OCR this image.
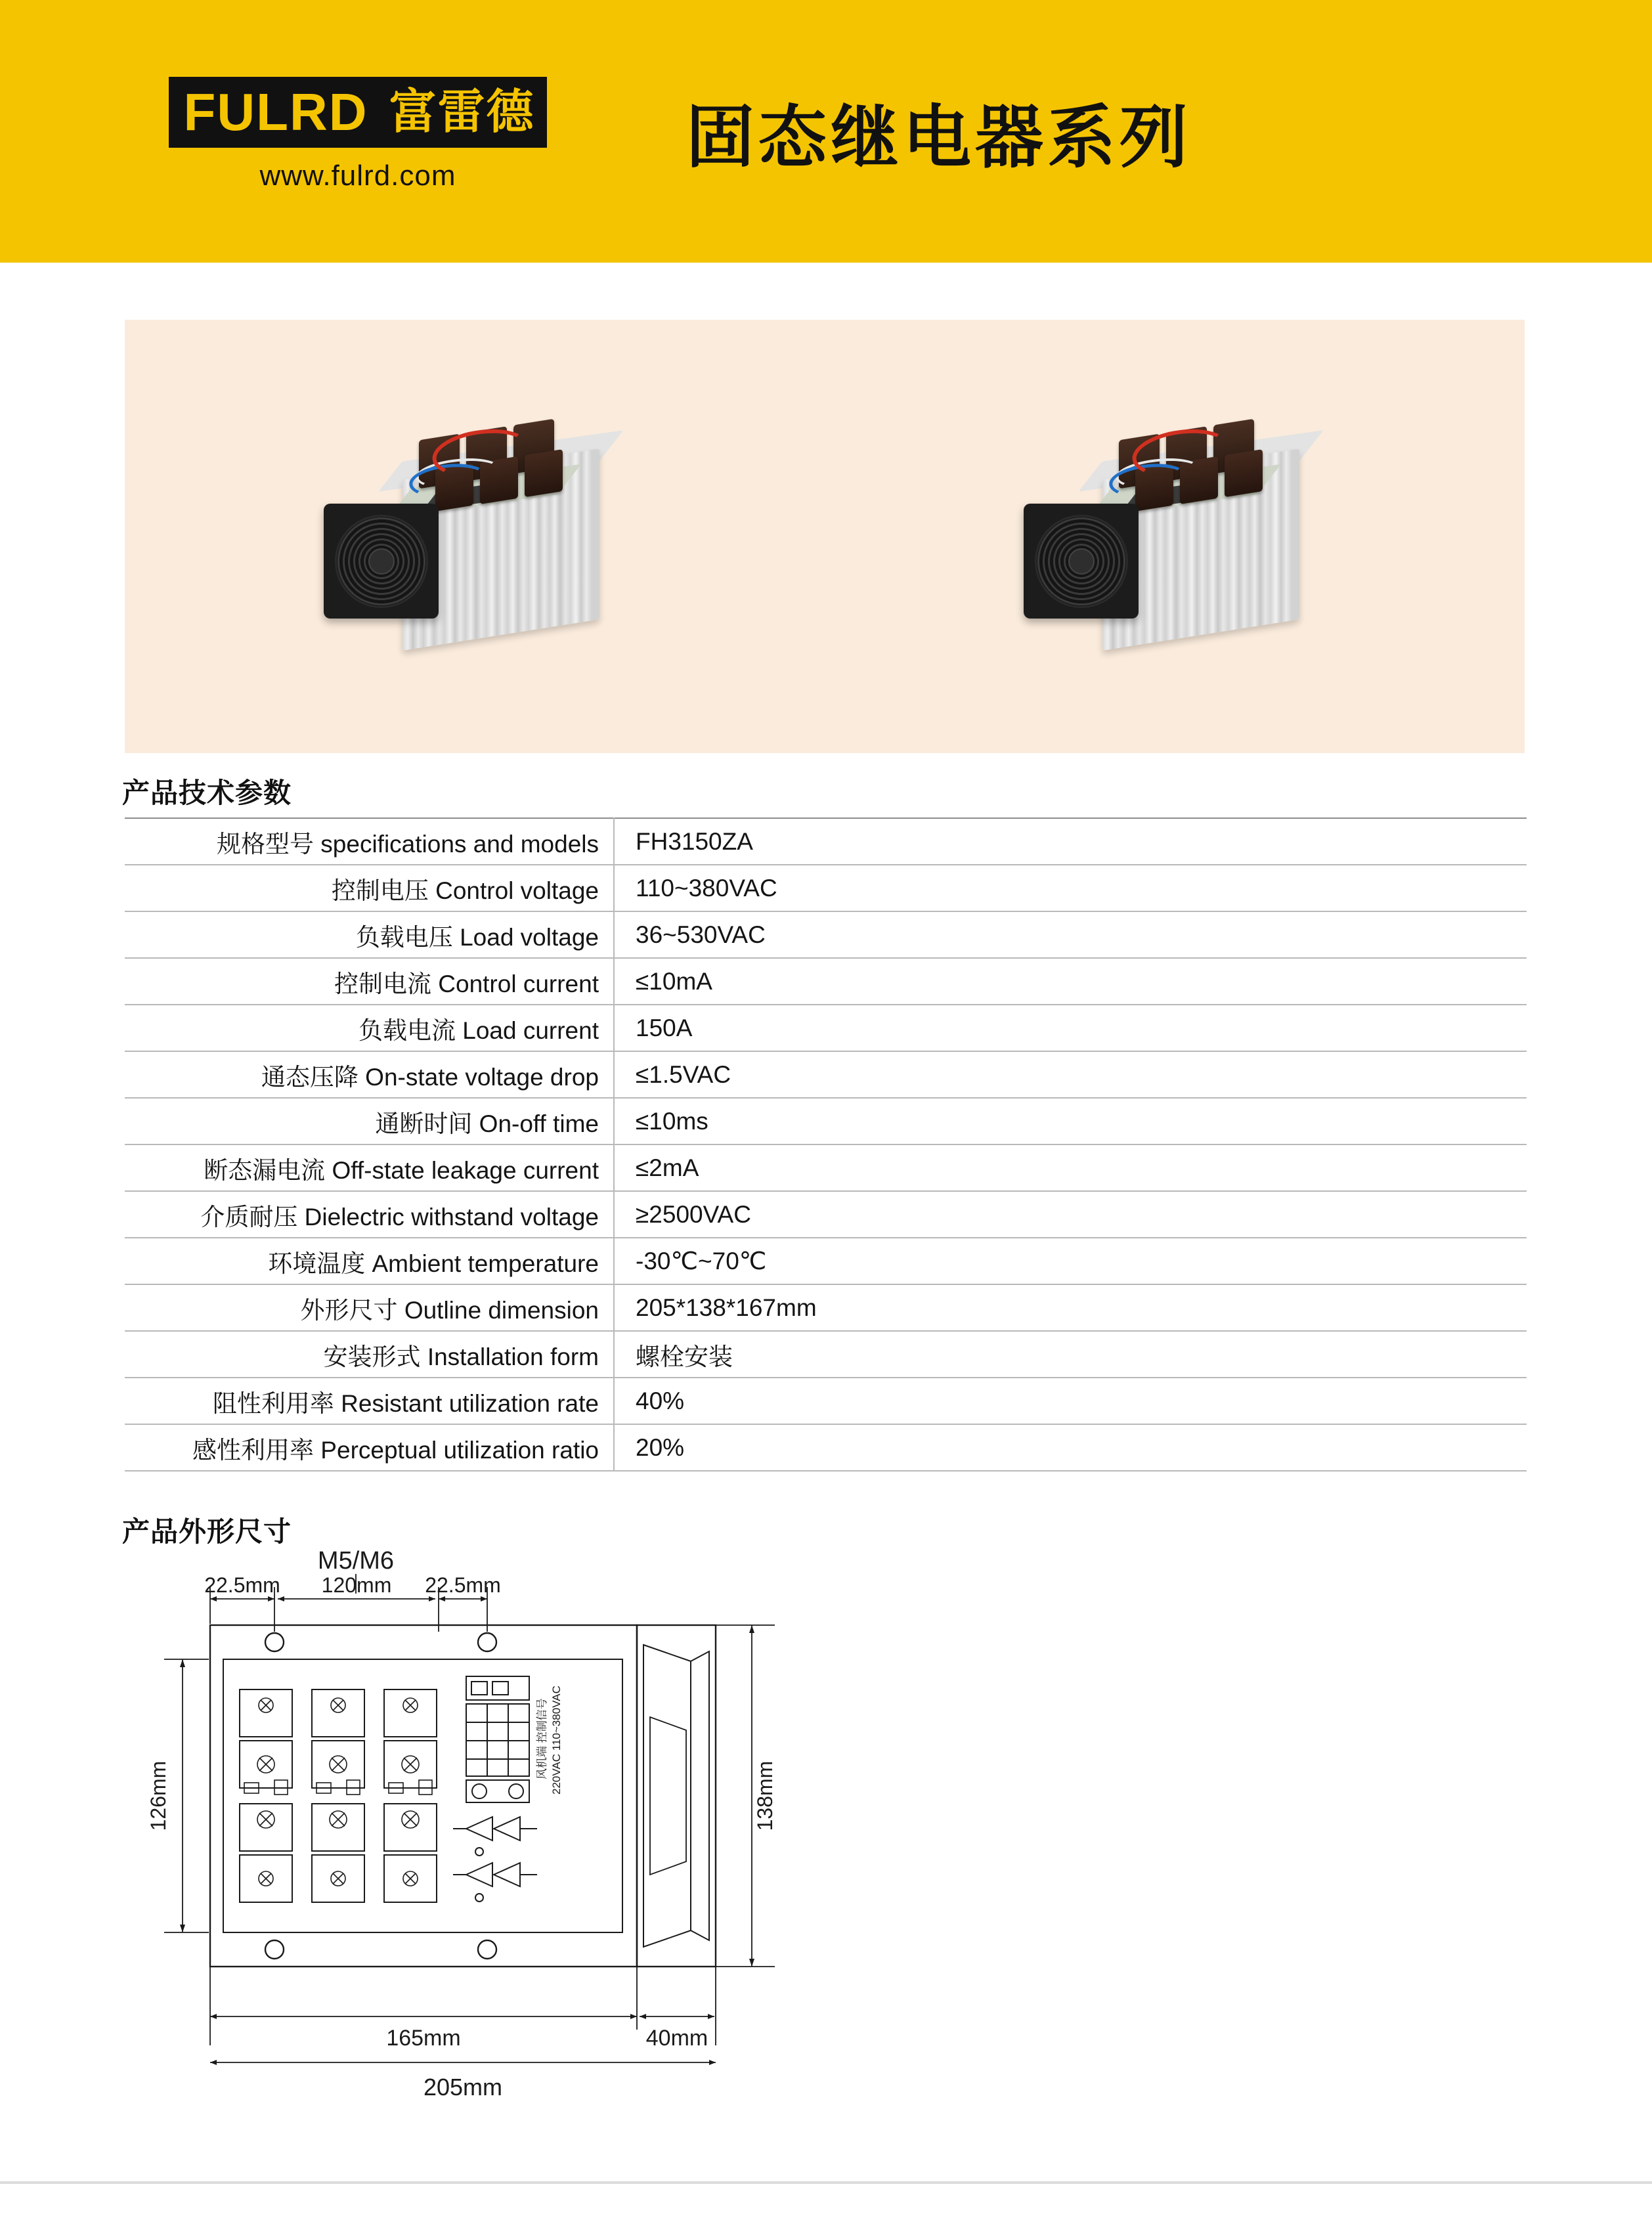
FULRD 富雷德
www.fulrd.com	固态继电器系列
产品技术参数
规格型号 specifications and models	FH3150ZA
控制电压 Control voltage	110~380VAC
负载电压 Load voltage	36~530VAC
控制电流 Control current	≤10mA
负载电流 Load current	150A
通态压降 On-state voltage drop	≤1.5VAC
通断时间 On-off time	≤10ms
断态漏电流 Off-state leakage current	≤2mA
介质耐压 Dielectric withstand voltage	≥2500VAC
环境温度 Ambient temperature	-30℃~70℃
外形尺寸 Outline dimension	205*138*167mm
安装形式 Installation form	螺栓安装
阻性利用率 Resistant utilization rate	40%
感性利用率 Perceptual utilization ratio	20%
产品外形尺寸
风机端 控制信号 220VAC 110~380VAC
M5/M6
22.5mm 120mm 22.5mm
126mm	138mm
165mm	40mm
205mm
